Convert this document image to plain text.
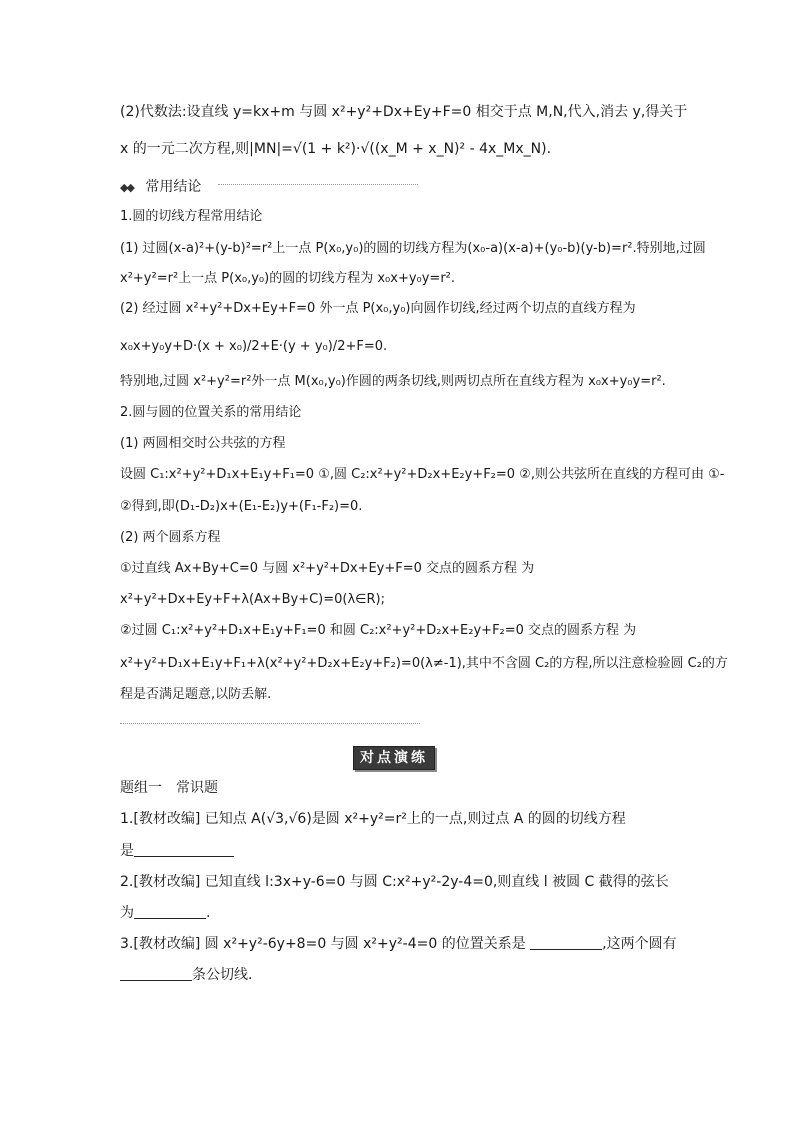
(2)代数法:设直线 y=kx+m 与圆 x²+y²+Dx+Ey+F=0 相交于点 M,N,代入,消去 y,得关于
x 的一元二次方程,则|MN|=√(1 + k²)·√((x_M + x_N)² - 4x_Mx_N).
◆◆ 常用结论
1.圆的切线方程常用结论
(1) 过圆(x-a)²+(y-b)²=r²上一点 P(x₀,y₀)的圆的切线方程为(x₀-a)(x-a)+(y₀-b)(y-b)=r².特别地,过圆
x²+y²=r²上一点 P(x₀,y₀)的圆的切线方程为 x₀x+y₀y=r².
(2) 经过圆 x²+y²+Dx+Ey+F=0 外一点 P(x₀,y₀)向圆作切线,经过两个切点的直线方程为
x₀x+y₀y+D·(x + x₀)/2+E·(y + y₀)/2+F=0.
特别地,过圆 x²+y²=r²外一点 M(x₀,y₀)作圆的两条切线,则两切点所在直线方程为 x₀x+y₀y=r².
2.圆与圆的位置关系的常用结论
(1) 两圆相交时公共弦的方程
设圆 C₁:x²+y²+D₁x+E₁y+F₁=0 ①,圆 C₂:x²+y²+D₂x+E₂y+F₂=0 ②,则公共弦所在直线的方程可由 ①-
②得到,即(D₁-D₂)x+(E₁-E₂)y+(F₁-F₂)=0.
(2) 两个圆系方程
①过直线 Ax+By+C=0 与圆 x²+y²+Dx+Ey+F=0 交点的圆系方程 为
x²+y²+Dx+Ey+F+λ(Ax+By+C)=0(λ∈R);
②过圆 C₁:x²+y²+D₁x+E₁y+F₁=0 和圆 C₂:x²+y²+D₂x+E₂y+F₂=0 交点的圆系方程 为
x²+y²+D₁x+E₁y+F₁+λ(x²+y²+D₂x+E₂y+F₂)=0(λ≠-1),其中不含圆 C₂的方程,所以注意检验圆 C₂的方
程是否满足题意,以防丢解.
对点演练
题组一　常识题
1.[教材改编] 已知点 A(√3,√6)是圆 x²+y²=r²上的一点,则过点 A 的圆的切线方程
是
2.[教材改编] 已知直线 l:3x+y-6=0 与圆 C:x²+y²-2y-4=0,则直线 l 被圆 C 截得的弦长
为	.
3.[教材改编] 圆 x²+y²-6y+8=0 与圆 x²+y²-4=0 的位置关系是	,这两个圆有
条公切线.
